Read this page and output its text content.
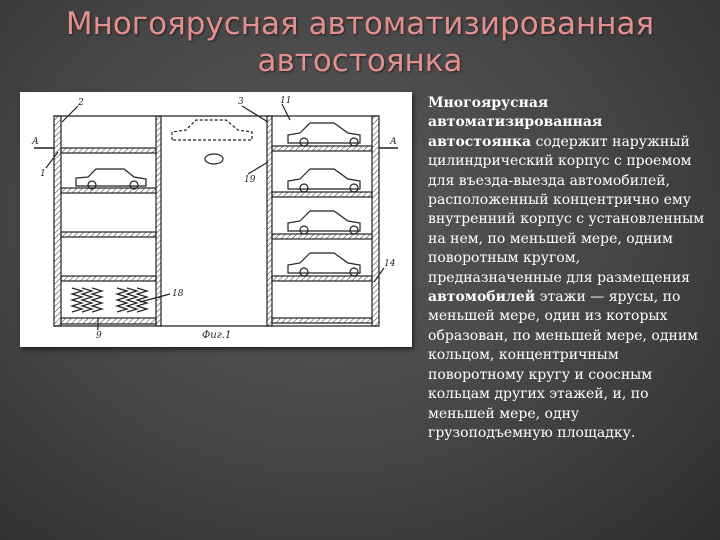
Многоярусная автоматизированная
автостоянка
А	А
2
1
3	11
19
14
18
9	Фиг.1
Многоярусная автоматизированная автостоянка содержит наружный цилиндрический корпус с проемом для въезда-выезда автомобилей, расположенный концентрично ему внутренний корпус с установленным на нем, по меньшей мере, одним поворотным кругом, предназначенные для размещения автомобилей этажи — ярусы, по меньшей мере, один из которых образован, по меньшей мере, одним кольцом, концентричным поворотному кругу и соосным кольцам других этажей, и, по меньшей мере, одну грузоподъемную площадку.
